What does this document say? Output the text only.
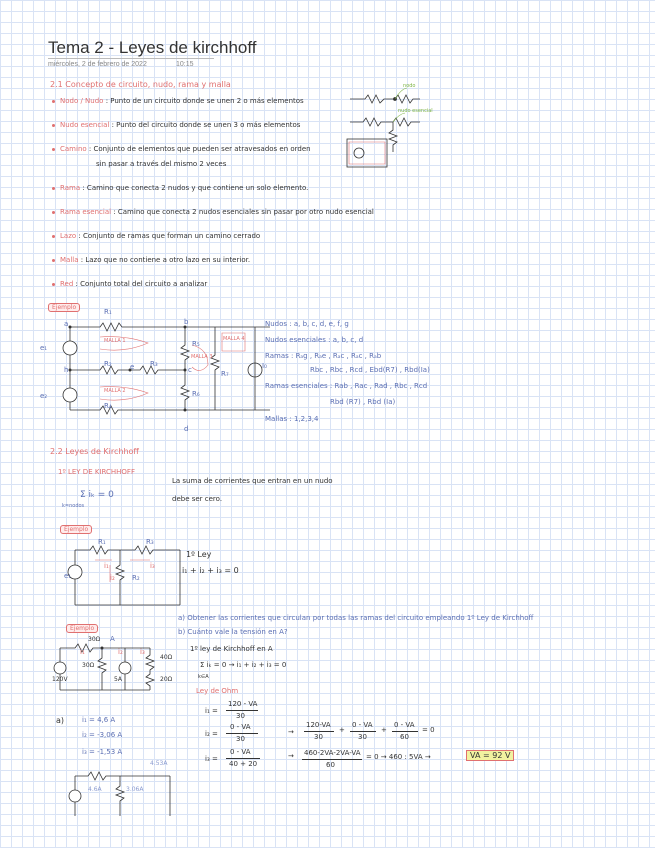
Tema 2 - Leyes de kirchhoff
miércoles, 2 de febrero de 2022	10:15
2.1 Concepto de circuito, nudo, rama y malla
Nodo / Nudo : Punto de un circuito donde se unen 2 o más elementos
Nudo esencial : Punto del circuito donde se unen 3 o más elementos
Camino : Conjunto de elementos que pueden ser atravesados en orden
sin pasar a través del mismo 2 veces
Rama : Camino que conecta 2 nudos y que contiene un solo elemento.
Rama esencial : Camino que conecta 2 nudos esenciales sin pasar por otro nudo esencial
Lazo : Conjunto de ramas que forman un camino cerrado
Malla : Lazo que no contiene a otro lazo en su interior.
Red : Conjunto total del circuito a analizar
nodo
nudo esencial
Ejemplo
MALLA 1
MALLA 2
MALLA 3
MALLA 4
a	b
c
d
e
h
R₁
R₂	R₃
R₄
R₅
R₆
R₇
e₁
e₂
I₀
Nudos : a, b, c, d, e, f, g
Nudos esenciales : a, b, c, d
Ramas : Rₐg , Rₐe , Rₐc , Rₐc , Rₐb
Rbc , Rbc , Rcd , Ebd(R7) , Rbd(Ia)
Ramas esenciales : Rab , Rac , Rad , Rbc , Rcd
Rbd (R7) , Rbd (Ia)
Mallas : 1,2,3,4
2.2 Leyes de Kirchhoff
1º LEY DE KIRCHHOFF
Σ iₖ = 0
k=nodos
La suma de corrientes que entran en un nudo
debe ser cero.
Ejemplo
R₁	R₃
R₂
e₁
i₁
i₂
i₃
1º Ley
i₁ + i₂ + i₃ = 0
a) Obtener las corrientes que circulan por todas las ramas del circuito empleando 1º Ley de Kirchhoff
b) Cuánto vale la tensión en A?
Ejemplo
30Ω A
30Ω
40Ω
20Ω
120V	5A
i₁	i₂ i₃	1º ley de Kirchhoff en A
Σ iₖ = 0 → i₁ + i₂ + i₃ = 0
k∈A
Ley de Ohm
i₁ =
120 - VA
30
i₂ =
0 - VA
30
i₃ =
0 - VA
40 + 20
→
120-VA
30
+
0 - VA
30
+
0 - VA
60
= 0
→ 460-2VA-2VA-VA
60
= 0 → 460 : 5VA →	VA = 92 V
a)	i₁ = 4,6 A
i₂ = -3,06 A
i₃ = -1,53 A
4.6A	3.06A
4.53A
